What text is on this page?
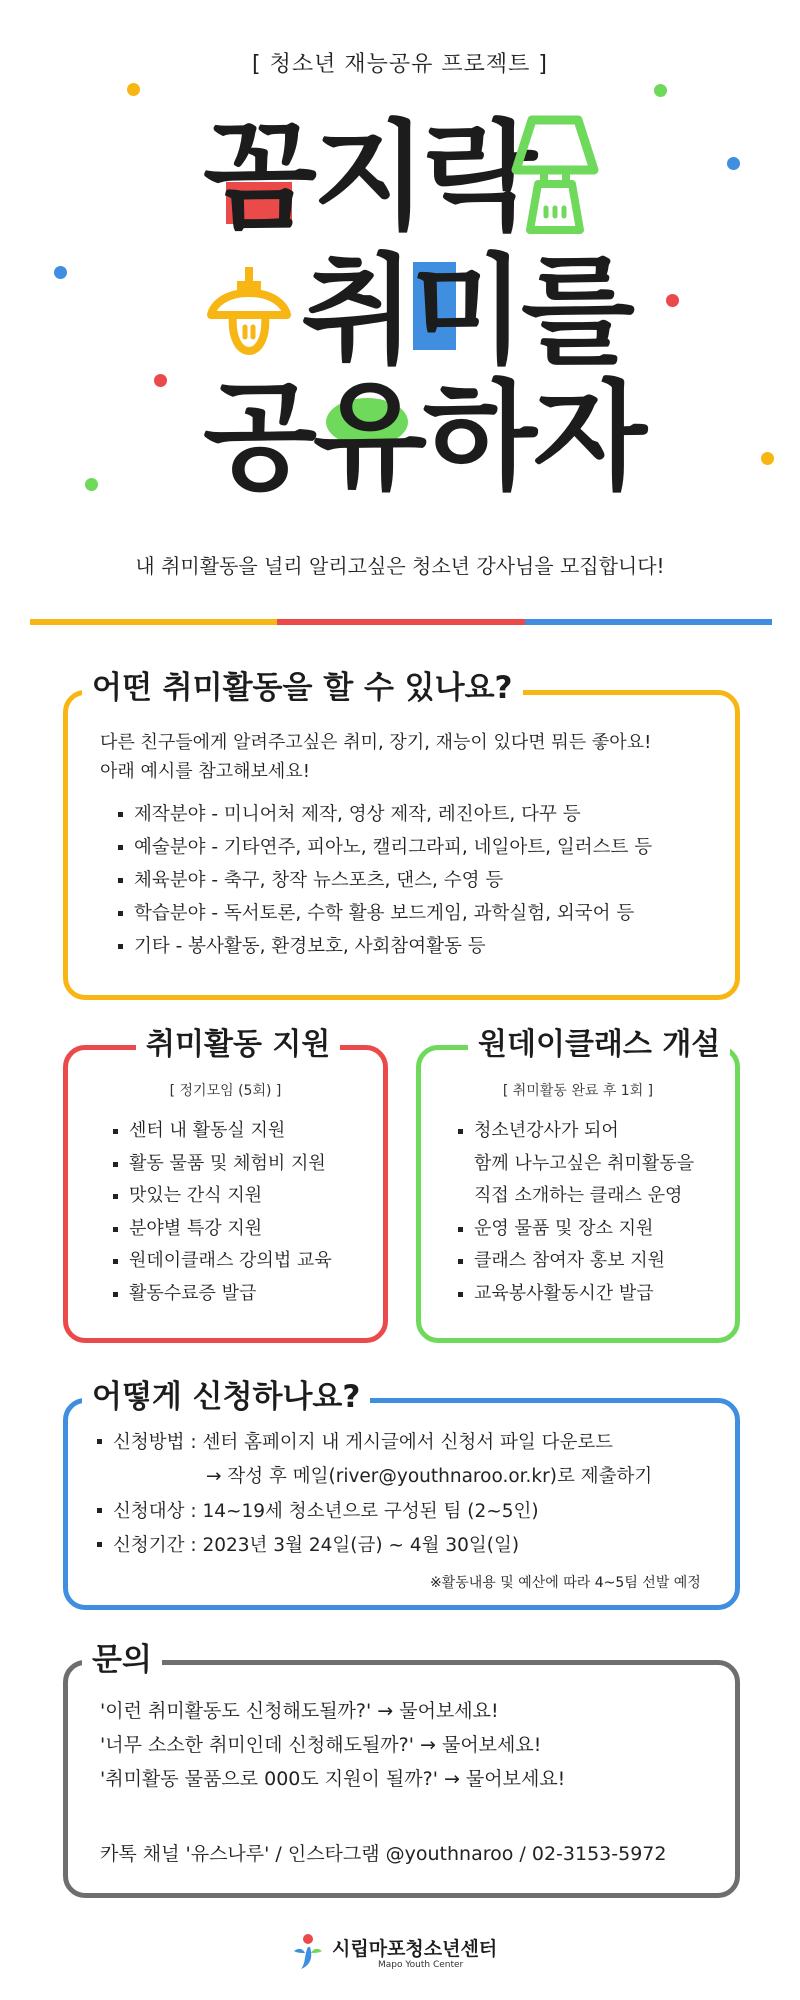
[ 청소년 재능공유 프로젝트 ]
꼼지락
취미를
공유하자
내 취미활동을 널리 알리고싶은 청소년 강사님을 모집합니다!
어떤 취미활동을 할 수 있나요?
다른 친구들에게 알려주고싶은 취미, 장기, 재능이 있다면 뭐든 좋아요!
아래 예시를 참고해보세요!
제작분야 - 미니어처 제작, 영상 제작, 레진아트, 다꾸 등
예술분야 - 기타연주, 피아노, 캘리그라피, 네일아트, 일러스트 등
체육분야 - 축구, 창작 뉴스포츠, 댄스, 수영 등
학습분야 - 독서토론, 수학 활용 보드게임, 과학실험, 외국어 등
기타 - 봉사활동, 환경보호, 사회참여활동 등
취미활동 지원
[ 정기모임 (5회) ]
센터 내 활동실 지원
활동 물품 및 체험비 지원
맛있는 간식 지원
분야별 특강 지원
원데이클래스 강의법 교육
활동수료증 발급
원데이클래스 개설
[ 취미활동 완료 후 1회 ]
청소년강사가 되어
함께 나누고싶은 취미활동을
직접 소개하는 클래스 운영
운영 물품 및 장소 지원
클래스 참여자 홍보 지원
교육봉사활동시간 발급
어떻게 신청하나요?
신청방법 : 센터 홈페이지 내 게시글에서 신청서 파일 다운로드
→ 작성 후 메일(river@youthnaroo.or.kr)로 제출하기
신청대상 : 14~19세 청소년으로 구성된 팀 (2~5인)
신청기간 : 2023년 3월 24일(금) ~ 4월 30일(일)
※활동내용 및 예산에 따라 4~5팀 선발 예정
문의
'이런 취미활동도 신청해도될까?' → 물어보세요!
'너무 소소한 취미인데 신청해도될까?' → 물어보세요!
'취미활동 물품으로 000도 지원이 될까?' → 물어보세요!
카톡 채널 '유스나루' / 인스타그램 @youthnaroo / 02-3153-5972
시립마포청소년센터
Mapo Youth Center
